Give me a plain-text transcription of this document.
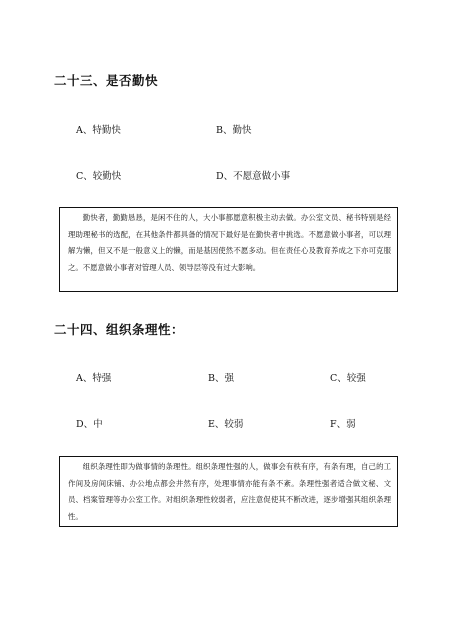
二十三、是否勤快
A、特勤快	B、勤快
C、较勤快	D、不愿意做小事

勤快者，勤勤恳恳，是闲不住的人，大小事都愿意积极主动去做。办公室文员、秘书特别是经理助理秘书的选配，在其他条件都具备的情况下最好是在勤快者中挑选。不愿意做小事者，可以理解为懒，但又不是一般意义上的懒，而是基因使然不愿多动。但在责任心及教育养成之下亦可克服之。不愿意做小事者对管理人员、领导层等没有过大影响。

二十四、组织条理性：
A、特强	B、强	C、较强
D、中	E、较弱	F、弱

组织条理性即为做事情的条理性。组织条理性强的人，做事会有秩有序，有条有理，自己的工作间及房间床铺、办公地点都会井然有序，处理事情亦能有条不紊。条理性强者适合做文秘、文员、档案管理等办公室工作。对组织条理性较弱者，应注意促使其不断改进，逐步增强其组织条理性。
